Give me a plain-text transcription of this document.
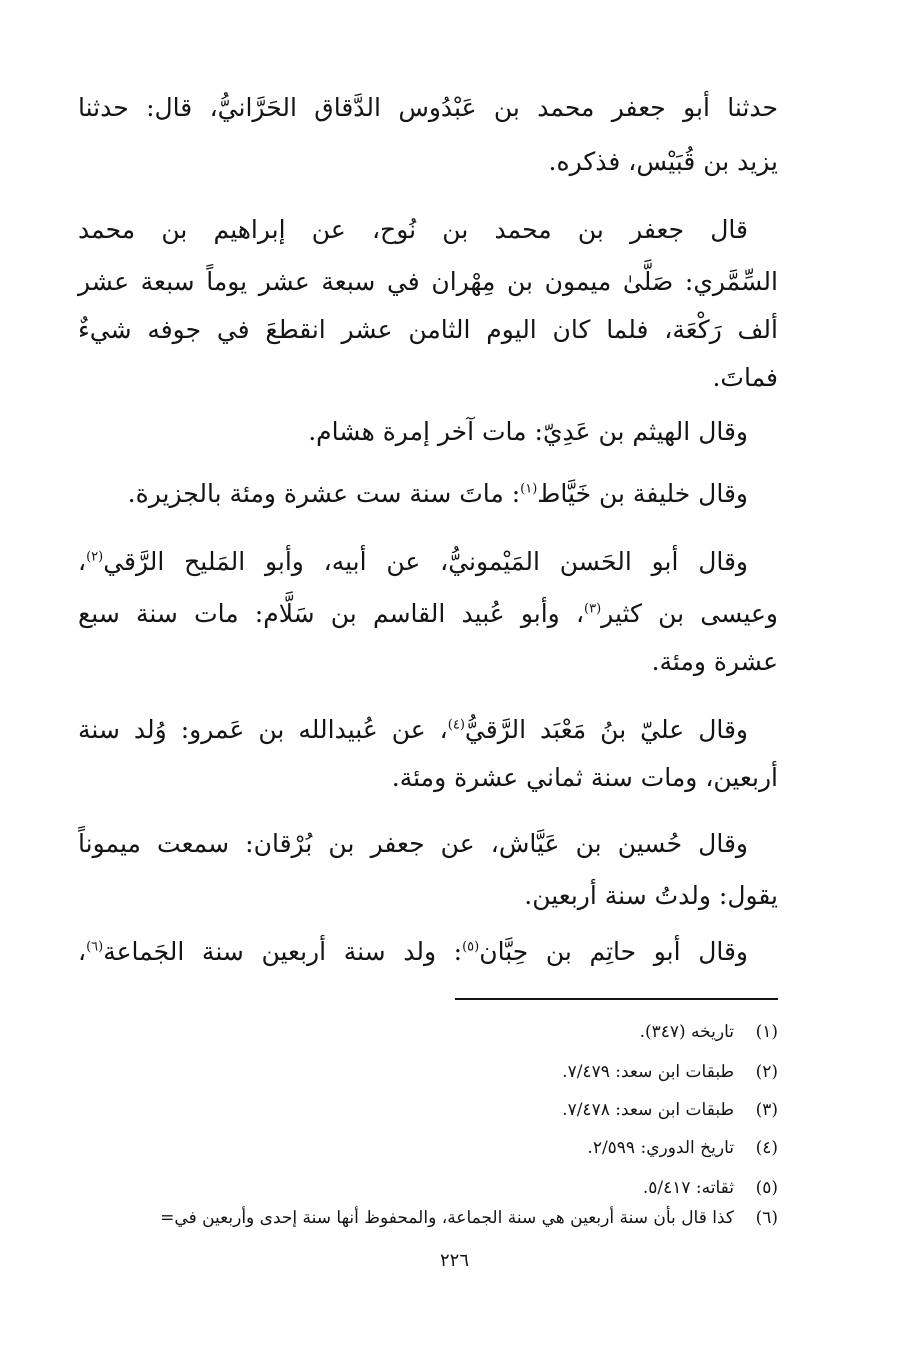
حدثنا أبو جعفر محمد بن عَبْدُوس الدَّقاق الحَرَّانيُّ، قال: حدثنا
يزيد بن قُبَيْس، فذكره.
قال جعفر بن محمد بن نُوح، عن إبراهيم بن محمد
السِّمَّري: صَلَّىٰ ميمون بن مِهْران في سبعة عشر يوماً سبعة عشر
ألف رَكْعَة، فلما كان اليوم الثامن عشر انقطعَ في جوفه شيءٌ
فماتَ.
وقال الهيثم بن عَدِيّ: مات آخر إمرة هشام.
وقال خليفة بن خَيَّاط$^{(١)}$: ماتَ سنة ست عشرة ومئة بالجزيرة.
وقال أبو الحَسن المَيْمونيُّ، عن أبيه، وأبو المَليح الرَّقي$^{(٢)}$،
وعيسى بن كثير$^{(٣)}$، وأبو عُبيد القاسم بن سَلَّام: مات سنة سبع
عشرة ومئة.
وقال عليّ بنُ مَعْبَد الرَّقيُّ$^{(٤)}$، عن عُبيدالله بن عَمرو: وُلد سنة
أربعين، ومات سنة ثماني عشرة ومئة.
وقال حُسين بن عَيَّاش، عن جعفر بن بُرْقان: سمعت ميموناً
يقول: ولدتُ سنة أربعين.
وقال أبو حاتِم بن حِبَّان$^{(٥)}$: ولد سنة أربعين سنة الجَماعة$^{(٦)}$،
(١)تاريخه (٣٤٧).
(٢)طبقات ابن سعد: ٧/٤٧٩.
(٣)طبقات ابن سعد: ٧/٤٧٨.
(٤)تاريخ الدوري: ٢/٥٩٩.
(٥)ثقاته: ٥/٤١٧.
(٦)كذا قال بأن سنة أربعين هي سنة الجماعة، والمحفوظ أنها سنة إحدى وأربعين في=
٢٢٦
